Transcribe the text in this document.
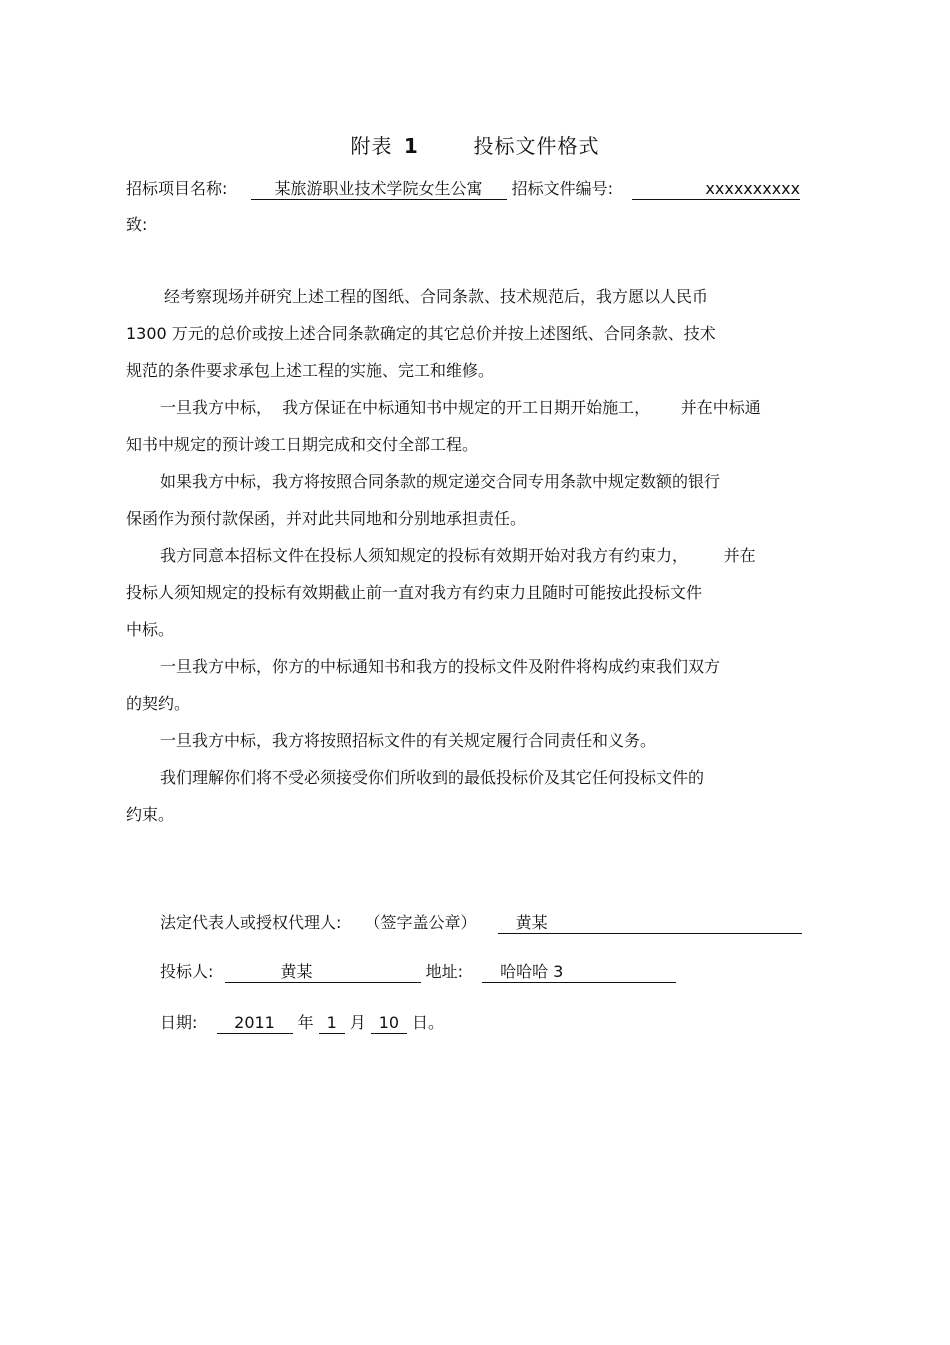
附表 1	投标文件格式
招标项目名称:	某旅游职业技术学院女生公寓 招标文件编号:	xxxxxxxxxx
致:

经考察现场并研究上述工程的图纸、合同条款、技术规范后，我方愿以人民币

1300 万元的总价或按上述合同条款确定的其它总价并按上述图纸、合同条款、技术

规范的条件要求承包上述工程的实施、完工和维修。

一旦我方中标，  我方保证在中标通知书中规定的开工日期开始施工，      并在中标通

知书中规定的预计竣工日期完成和交付全部工程。

如果我方中标，我方将按照合同条款的规定递交合同专用条款中规定数额的银行

保函作为预付款保函，并对此共同地和分别地承担责任。

我方同意本招标文件在投标人须知规定的投标有效期开始对我方有约束力，       并在

投标人须知规定的投标有效期截止前一直对我方有约束力且随时可能按此投标文件

中标。

一旦我方中标，你方的中标通知书和我方的投标文件及附件将构成约束我们双方

的契约。

一旦我方中标，我方将按照招标文件的有关规定履行合同责任和义务。

我们理解你们将不受必须接受你们所收到的最低投标价及其它任何投标文件的

约束。

法定代表人或授权代理人: （签字盖公章） 黄某
投标人:	黄某	地址: 哈哈哈 3
日期: 2011 年 1 月 10 日。
